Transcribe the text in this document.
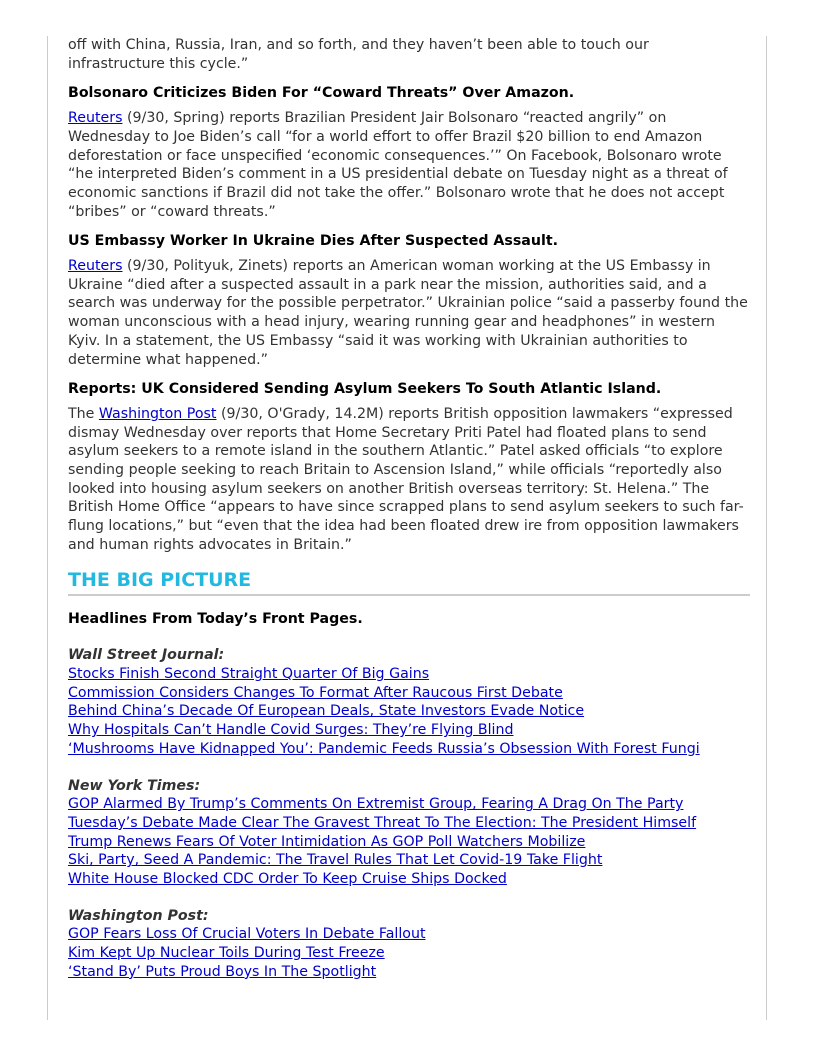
off with China, Russia, Iran, and so forth, and they haven’t been able to touch our infrastructure this cycle.”

Bolsonaro Criticizes Biden For “Coward Threats” Over Amazon.

Reuters (9/30, Spring) reports Brazilian President Jair Bolsonaro “reacted angrily” on Wednesday to Joe Biden’s call “for a world effort to offer Brazil $20 billion to end Amazon deforestation or face unspecified ‘economic consequences.’” On Facebook, Bolsonaro wrote “he interpreted Biden’s comment in a US presidential debate on Tuesday night as a threat of economic sanctions if Brazil did not take the offer.” Bolsonaro wrote that he does not accept “bribes” or “coward threats.”

US Embassy Worker In Ukraine Dies After Suspected Assault.

Reuters (9/30, Polityuk, Zinets) reports an American woman working at the US Embassy in Ukraine “died after a suspected assault in a park near the mission, authorities said, and a search was underway for the possible perpetrator.” Ukrainian police “said a passerby found the woman unconscious with a head injury, wearing running gear and headphones” in western Kyiv. In a statement, the US Embassy “said it was working with Ukrainian authorities to determine what happened.”

Reports: UK Considered Sending Asylum Seekers To South Atlantic Island.

The Washington Post (9/30, O'Grady, 14.2M) reports British opposition lawmakers “expressed dismay Wednesday over reports that Home Secretary Priti Patel had floated plans to send asylum seekers to a remote island in the southern Atlantic.” Patel asked officials “to explore sending people seeking to reach Britain to Ascension Island,” while officials “reportedly also looked into housing asylum seekers on another British overseas territory: St. Helena.” The British Home Office “appears to have since scrapped plans to send asylum seekers to such far-flung locations,” but “even that the idea had been floated drew ire from opposition lawmakers and human rights advocates in Britain.”

THE BIG PICTURE

Headlines From Today’s Front Pages.

Wall Street Journal:

Stocks Finish Second Straight Quarter Of Big Gains
Commission Considers Changes To Format After Raucous First Debate
Behind China’s Decade Of European Deals, State Investors Evade Notice
Why Hospitals Can’t Handle Covid Surges: They’re Flying Blind
‘Mushrooms Have Kidnapped You’: Pandemic Feeds Russia’s Obsession With Forest Fungi

New York Times:

GOP Alarmed By Trump’s Comments On Extremist Group, Fearing A Drag On The Party
Tuesday’s Debate Made Clear The Gravest Threat To The Election: The President Himself
Trump Renews Fears Of Voter Intimidation As GOP Poll Watchers Mobilize
Ski, Party, Seed A Pandemic: The Travel Rules That Let Covid-19 Take Flight
White House Blocked CDC Order To Keep Cruise Ships Docked

Washington Post:

GOP Fears Loss Of Crucial Voters In Debate Fallout
Kim Kept Up Nuclear Toils During Test Freeze
‘Stand By’ Puts Proud Boys In The Spotlight
